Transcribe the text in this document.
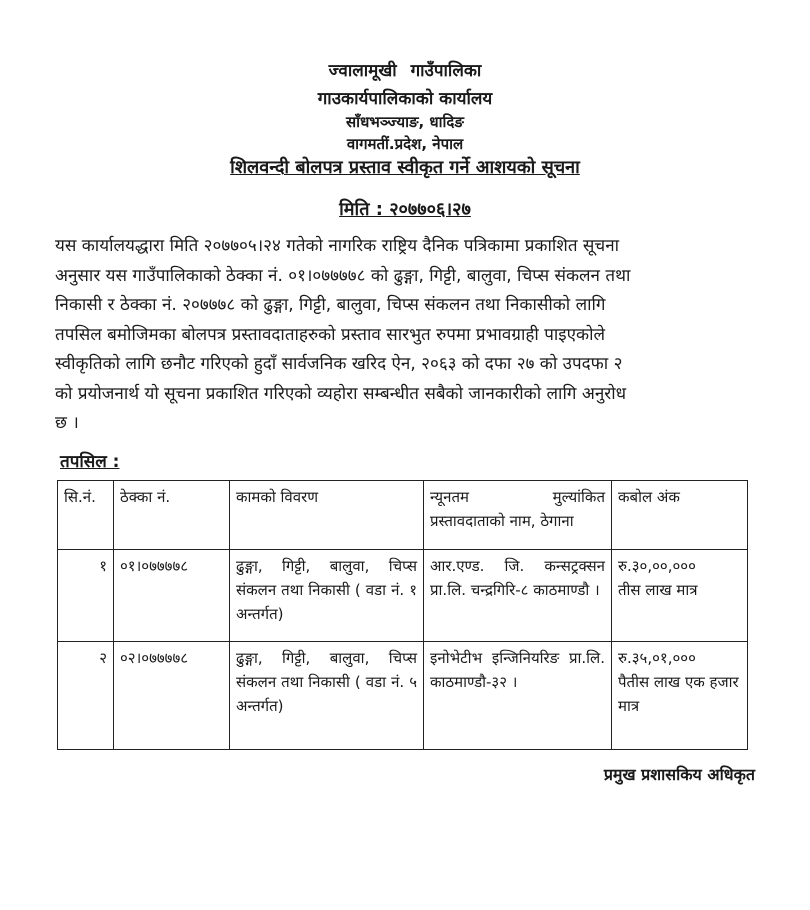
ज्वालामूखी गाउँपालिका
गाउकार्यपालिकाको कार्यालय
साँधभञ्ज्याङ, धादिङ
वागमतीं.प्रदेश, नेपाल
शिलवन्दी बोलपत्र प्रस्ताव स्वीकृत गर्ने आशयको सूचना
मिति : २०७७०६।२७
यस कार्यालयद्धारा मिति २०७७०५।२४ गतेको नागरिक राष्ट्रिय दैनिक पत्रिकामा प्रकाशित सूचना
अनुसार यस गाउँपालिकाको ठेक्का नं. ०१।०७७७७८ को ढुङ्गा, गिट्टी, बालुवा, चिप्स संकलन तथा
निकासी र ठेक्का नं. २०७७७८ को ढुङ्गा, गिट्टी, बालुवा, चिप्स संकलन तथा निकासीको लागि
तपसिल बमोजिमका बोलपत्र प्रस्तावदाताहरुको प्रस्ताव सारभुत रुपमा प्रभावग्राही पाइएकोले
स्वीकृतिको लागि छनौट गरिएको हुदाँ सार्वजनिक खरिद ऐन, २०६३ को दफा २७ को उपदफा २
को प्रयोजनार्थ यो सूचना प्रकाशित गरिएको व्यहोरा सम्बन्धीत सबैको जानकारीको लागि अनुरोध
छ ।
तपसिल :
सि.नं.	ठेक्का नं.	कामको विवरण	न्यूनतम मुल्यांकित प्रस्तावदाताको नाम, ठेगाना	कबोल अंक
१	०१।०७७७७८	ढुङ्गा, गिट्टी, बालुवा, चिप्स संकलन तथा निकासी ( वडा नं. १ अन्तर्गत)	आर.एण्ड. जि. कन्सट्रक्सन प्रा.लि. चन्द्रगिरि-८ काठमाण्डौ ।	रु.३०,००,०००
तीस लाख मात्र

२	०२।०७७७७८	ढुङ्गा, गिट्टी, बालुवा, चिप्स संकलन तथा निकासी ( वडा नं. ५ अन्तर्गत)	इनोभेटीभ इन्जिनियरिङ प्रा.लि. काठमाण्डौ-३२ ।	रु.३५,०१,०००
पैतीस लाख एक हजार मात्र
प्रमुख प्रशासकिय अधिकृत
